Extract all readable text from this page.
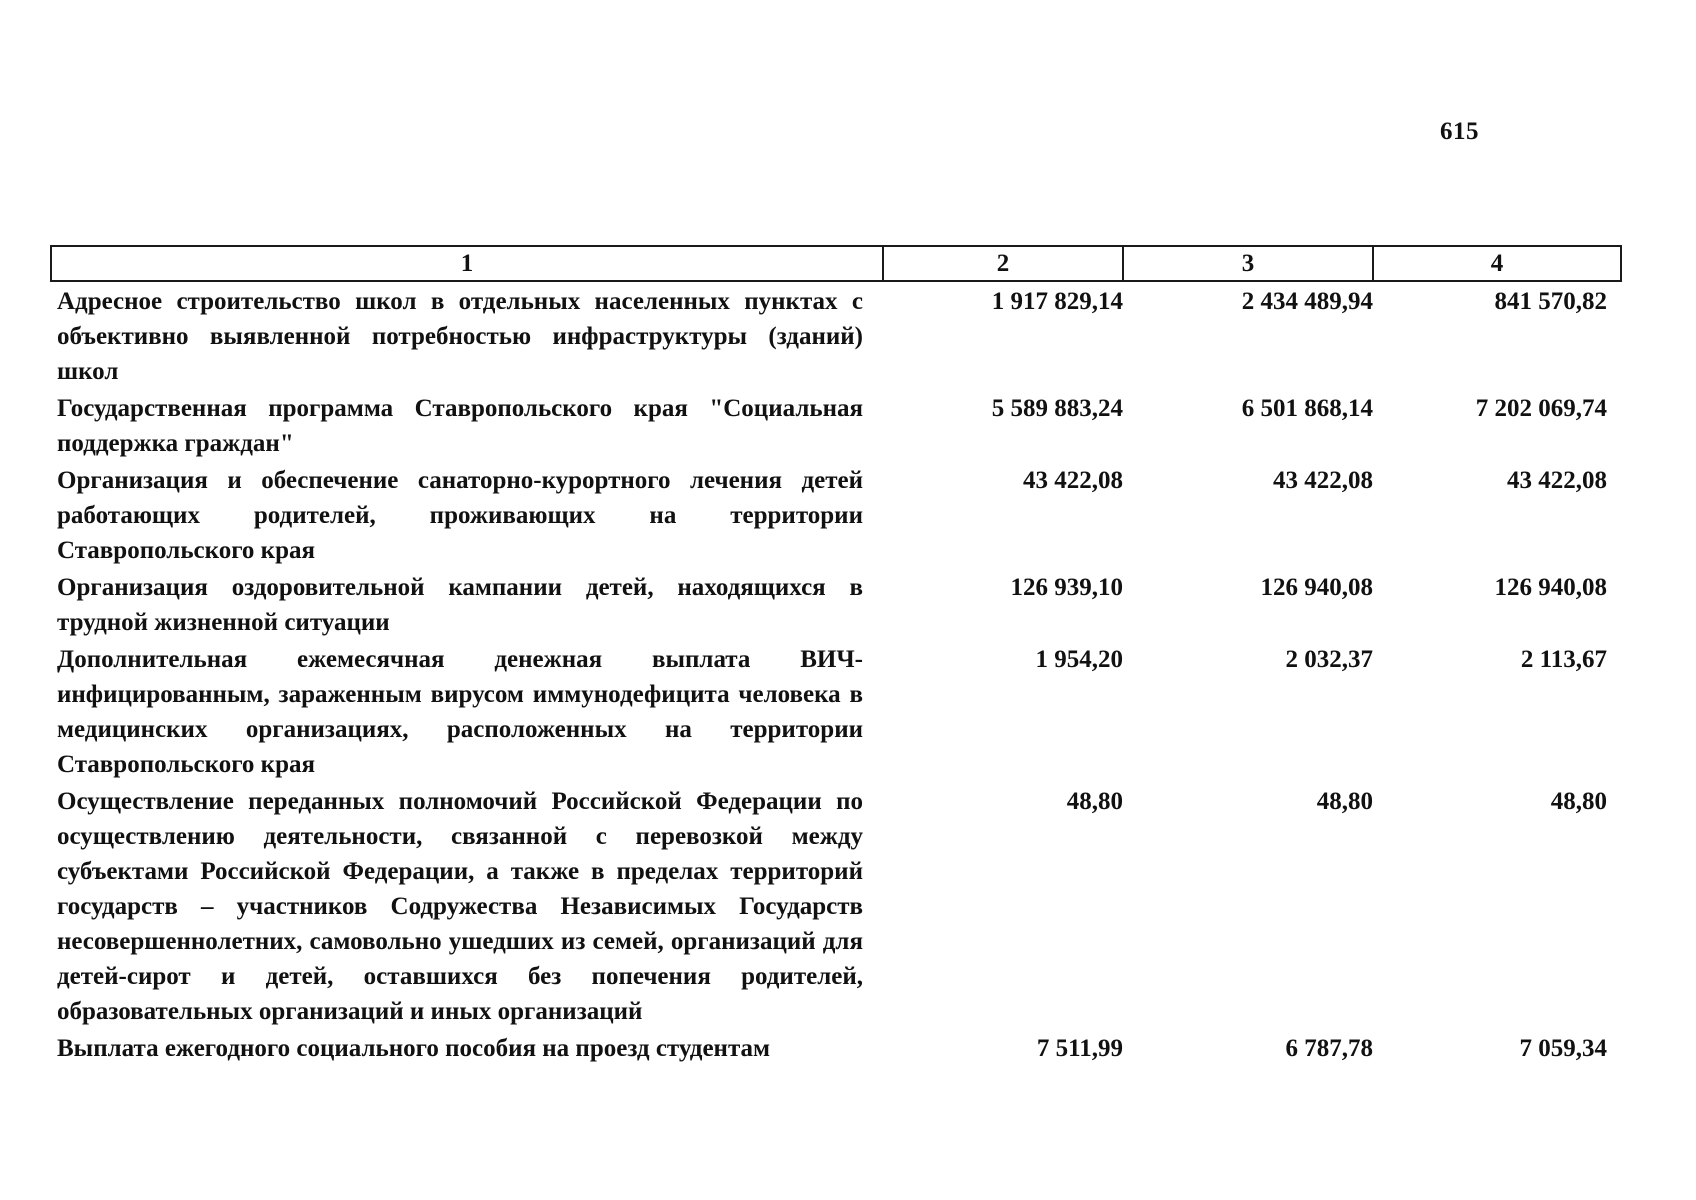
615
1	2	3	4
Адресное строительство школ в отдельных населенных пунктах с объективно выявленной потребностью инфраструктуры (зданий) школ	1 917 829,14	2 434 489,94	841 570,82
Государственная программа Ставропольского края "Социальная поддержка граждан"	5 589 883,24	6 501 868,14	7 202 069,74
Организация и обеспечение санаторно-курортного лечения детей работающих родителей, проживающих на территории Ставропольского края	43 422,08	43 422,08	43 422,08
Организация оздоровительной кампании детей, находящихся в трудной жизненной ситуации	126 939,10	126 940,08	126 940,08
Дополнительная ежемесячная денежная выплата ВИЧ-инфицированным, зараженным вирусом иммунодефицита человека в медицинских организациях, расположенных на территории Ставропольского края	1 954,20	2 032,37	2 113,67
Осуществление переданных полномочий Российской Федерации по осуществлению деятельности, связанной с перевозкой между субъектами Российской Федерации, а также в пределах территорий государств – участников Содружества Независимых Государств несовершеннолетних, самовольно ушедших из семей, организаций для детей-сирот и детей, оставшихся без попечения родителей, образовательных организаций и иных организаций	48,80	48,80	48,80
Выплата ежегодного социального пособия на проезд студентам	7 511,99	6 787,78	7 059,34
